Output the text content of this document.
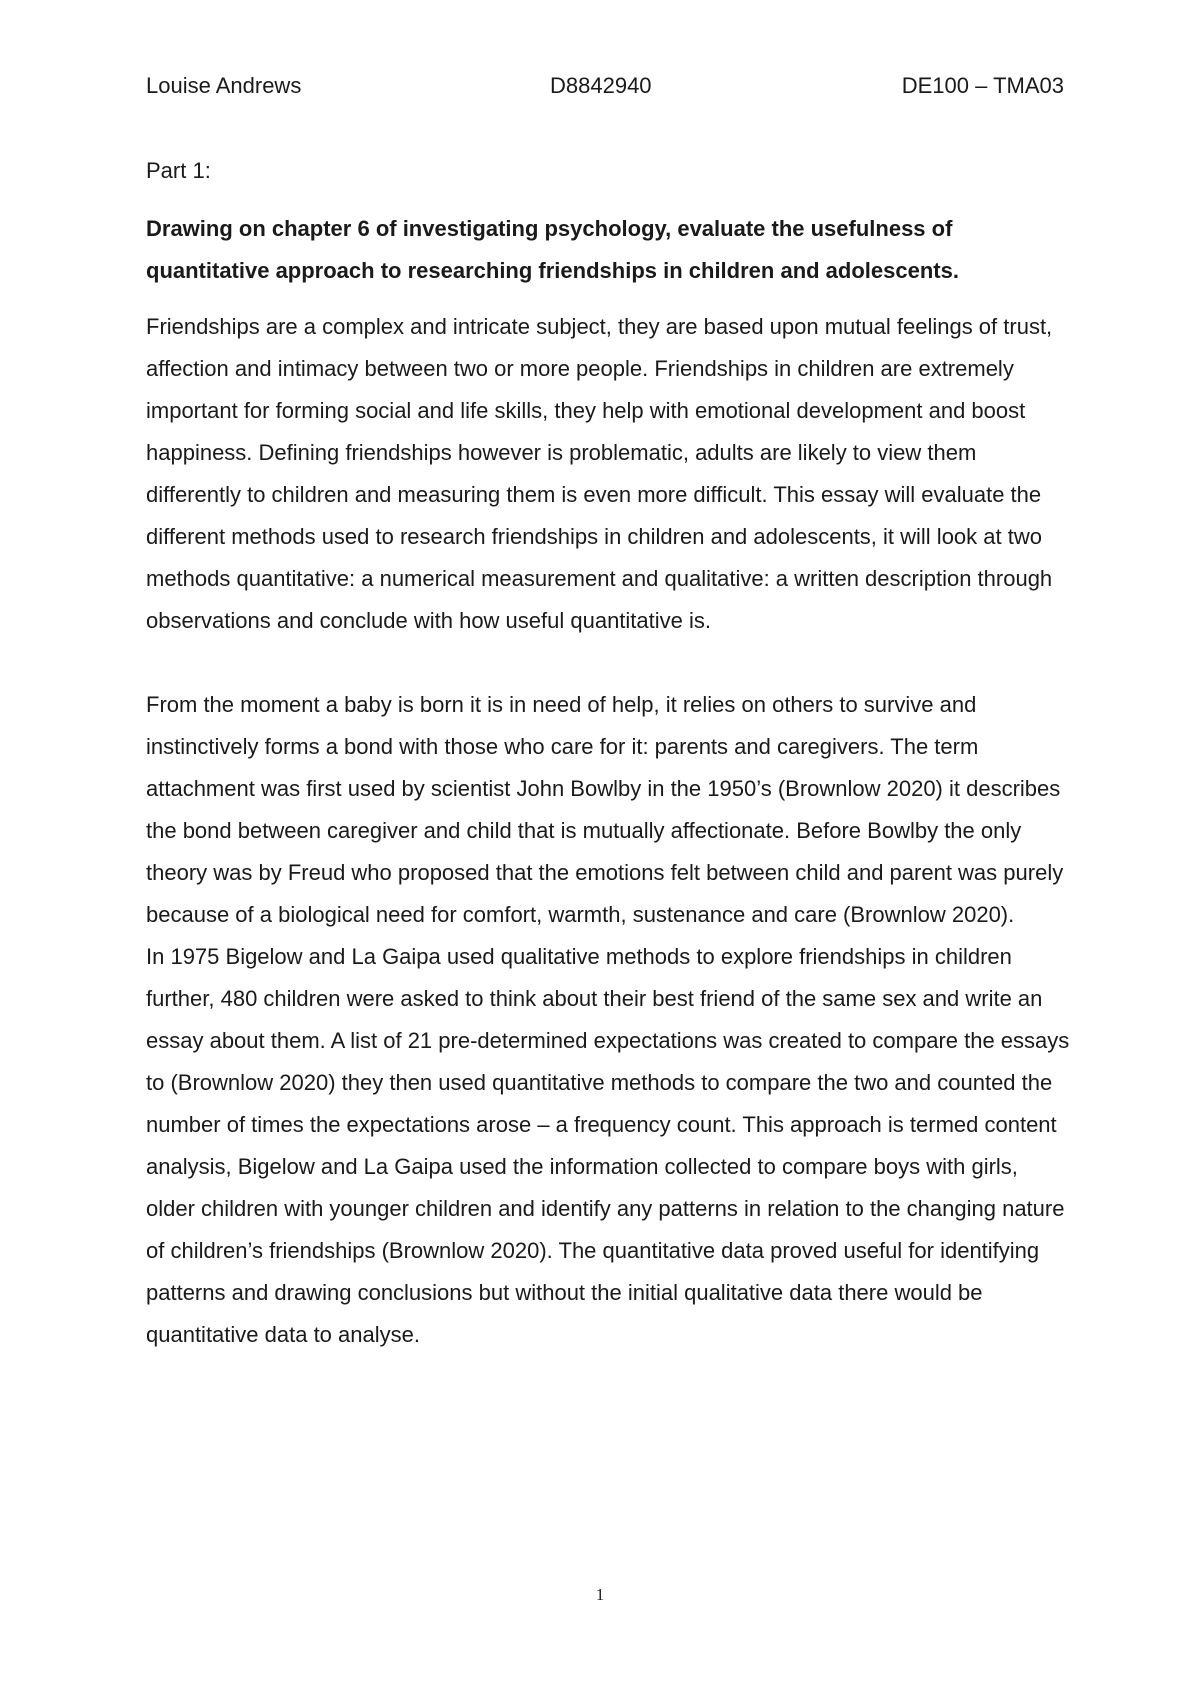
Louise Andrews	D8842940	DE100 – TMA03

Part 1:

Drawing on chapter 6 of investigating psychology, evaluate the usefulness of quantitative approach to researching friendships in children and adolescents.

Friendships are a complex and intricate subject, they are based upon mutual feelings of trust, affection and intimacy between two or more people. Friendships in children are extremely important for forming social and life skills, they help with emotional development and boost happiness. Defining friendships however is problematic, adults are likely to view them differently to children and measuring them is even more difficult. This essay will evaluate the different methods used to research friendships in children and adolescents, it will look at two methods quantitative: a numerical measurement and qualitative: a written description through observations and conclude with how useful quantitative is.

From the moment a baby is born it is in need of help, it relies on others to survive and instinctively forms a bond with those who care for it: parents and caregivers. The term attachment was first used by scientist John Bowlby in the 1950’s (Brownlow 2020) it describes the bond between caregiver and child that is mutually affectionate. Before Bowlby the only theory was by Freud who proposed that the emotions felt between child and parent was purely because of a biological need for comfort, warmth, sustenance and care (Brownlow 2020).

In 1975 Bigelow and La Gaipa used qualitative methods to explore friendships in children further, 480 children were asked to think about their best friend of the same sex and write an essay about them. A list of 21 pre-determined expectations was created to compare the essays to (Brownlow 2020) they then used quantitative methods to compare the two and counted the number of times the expectations arose – a frequency count. This approach is termed content analysis, Bigelow and La Gaipa used the information collected to compare boys with girls, older children with younger children and identify any patterns in relation to the changing nature of children’s friendships (Brownlow 2020). The quantitative data proved useful for identifying patterns and drawing conclusions but without the initial qualitative data there would be quantitative data to analyse.

1
